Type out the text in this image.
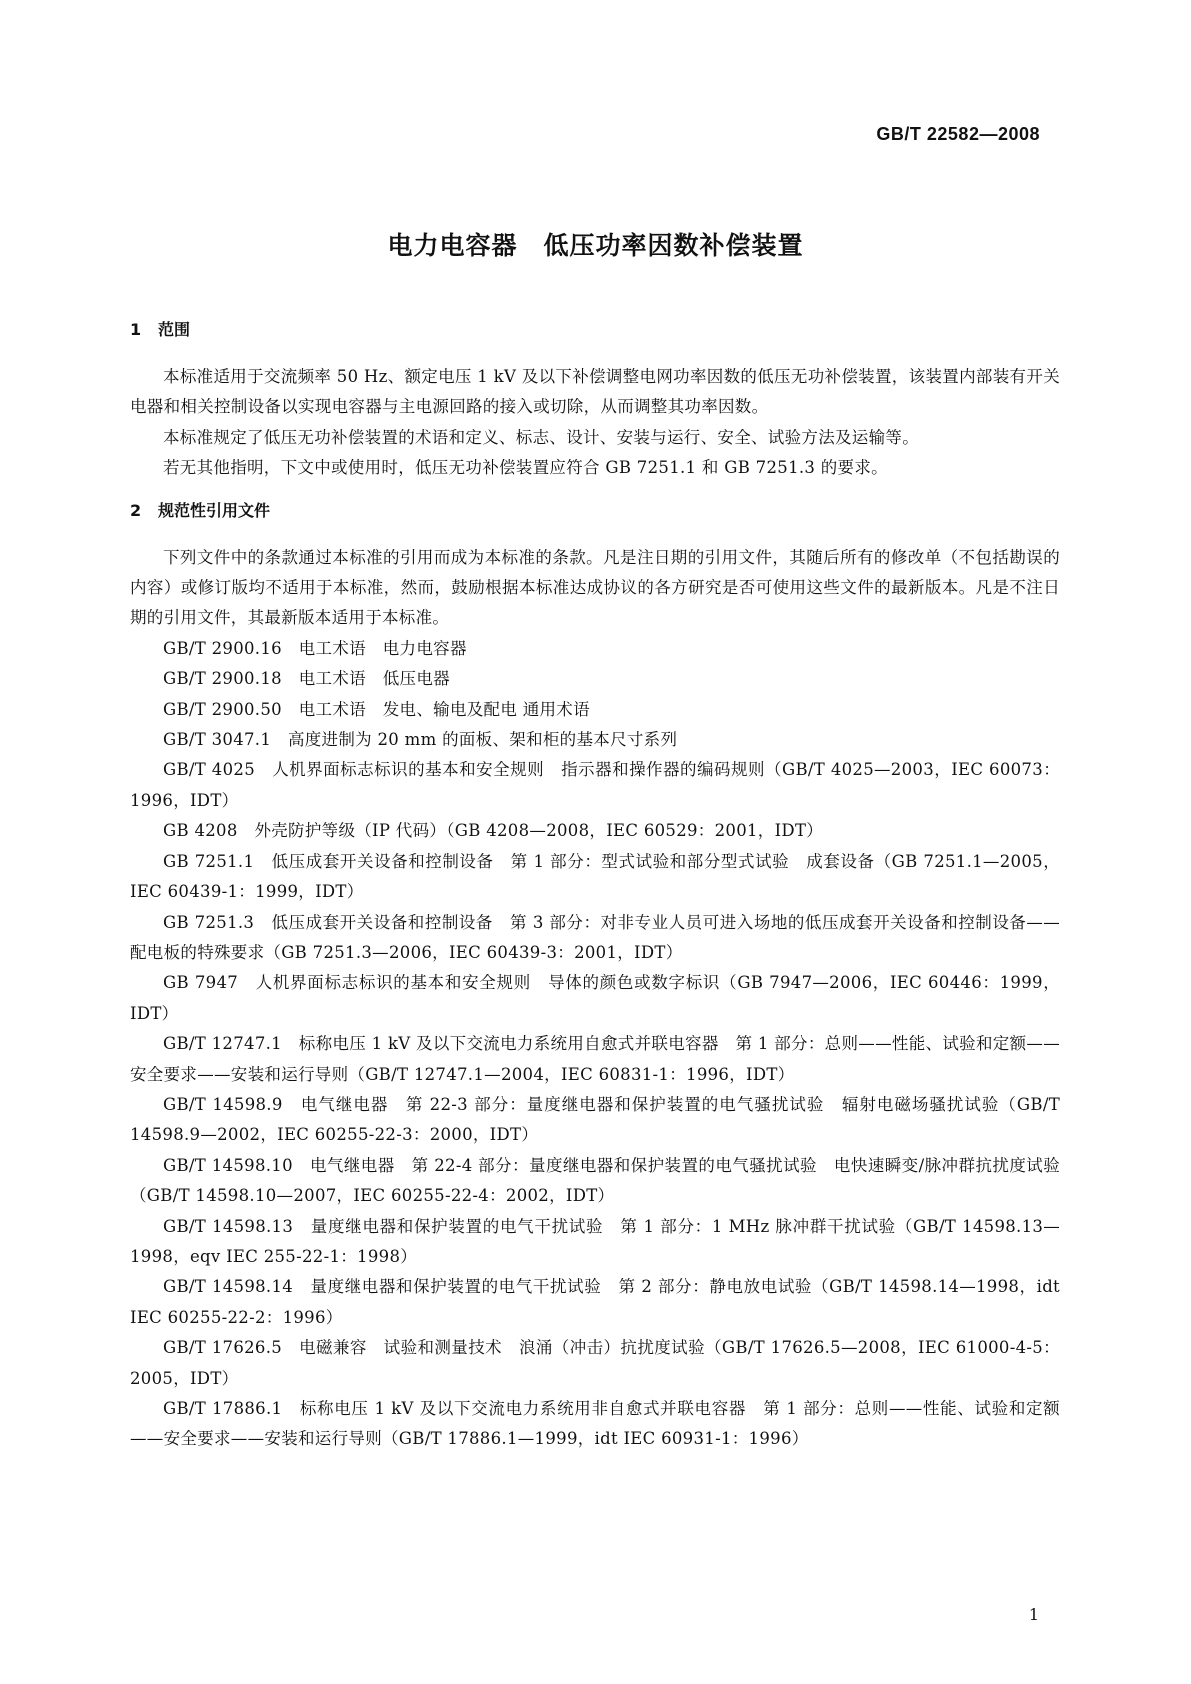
GB/T 22582—2008
电力电容器　低压功率因数补偿装置
1 范围

本标准适用于交流频率 50 Hz、额定电压 1 kV 及以下补偿调整电网功率因数的低压无功补偿装置，该装置内部装有开关电器和相关控制设备以实现电容器与主电源回路的接入或切除，从而调整其功率因数。

本标准规定了低压无功补偿装置的术语和定义、标志、设计、安装与运行、安全、试验方法及运输等。

若无其他指明，下文中或使用时，低压无功补偿装置应符合 GB 7251.1 和 GB 7251.3 的要求。

2 规范性引用文件

下列文件中的条款通过本标准的引用而成为本标准的条款。凡是注日期的引用文件，其随后所有的修改单（不包括勘误的内容）或修订版均不适用于本标准，然而，鼓励根据本标准达成协议的各方研究是否可使用这些文件的最新版本。凡是不注日期的引用文件，其最新版本适用于本标准。

GB/T 2900.16　电工术语　电力电容器

GB/T 2900.18　电工术语　低压电器

GB/T 2900.50　电工术语　发电、输电及配电 通用术语

GB/T 3047.1　高度进制为 20 mm 的面板、架和柜的基本尺寸系列

GB/T 4025　人机界面标志标识的基本和安全规则　指示器和操作器的编码规则（GB/T 4025—2003，IEC 60073：1996，IDT）

GB 4208　外壳防护等级（IP 代码）（GB 4208—2008，IEC 60529：2001，IDT）

GB 7251.1　低压成套开关设备和控制设备　第 1 部分：型式试验和部分型式试验　成套设备（GB 7251.1—2005，IEC 60439-1：1999，IDT）

GB 7251.3　低压成套开关设备和控制设备　第 3 部分：对非专业人员可进入场地的低压成套开关设备和控制设备——配电板的特殊要求（GB 7251.3—2006，IEC 60439-3：2001，IDT）

GB 7947　人机界面标志标识的基本和安全规则　导体的颜色或数字标识（GB 7947—2006，IEC 60446：1999，IDT）

GB/T 12747.1　标称电压 1 kV 及以下交流电力系统用自愈式并联电容器　第 1 部分：总则——性能、试验和定额——安全要求——安装和运行导则（GB/T 12747.1—2004，IEC 60831-1：1996，IDT）

GB/T 14598.9　电气继电器　第 22-3 部分：量度继电器和保护装置的电气骚扰试验　辐射电磁场骚扰试验（GB/T 14598.9—2002，IEC 60255-22-3：2000，IDT）

GB/T 14598.10　电气继电器　第 22-4 部分：量度继电器和保护装置的电气骚扰试验　电快速瞬变/脉冲群抗扰度试验（GB/T 14598.10—2007，IEC 60255-22-4：2002，IDT）

GB/T 14598.13　量度继电器和保护装置的电气干扰试验　第 1 部分：1 MHz 脉冲群干扰试验（GB/T 14598.13—1998，eqv IEC 255-22-1：1998）

GB/T 14598.14　量度继电器和保护装置的电气干扰试验　第 2 部分：静电放电试验（GB/T 14598.14—1998，idt IEC 60255-22-2：1996）

GB/T 17626.5　电磁兼容　试验和测量技术　浪涌（冲击）抗扰度试验（GB/T 17626.5—2008，IEC 61000-4-5：2005，IDT）

GB/T 17886.1　标称电压 1 kV 及以下交流电力系统用非自愈式并联电容器　第 1 部分：总则——性能、试验和定额——安全要求——安装和运行导则（GB/T 17886.1—1999，idt IEC 60931-1：1996）

1
